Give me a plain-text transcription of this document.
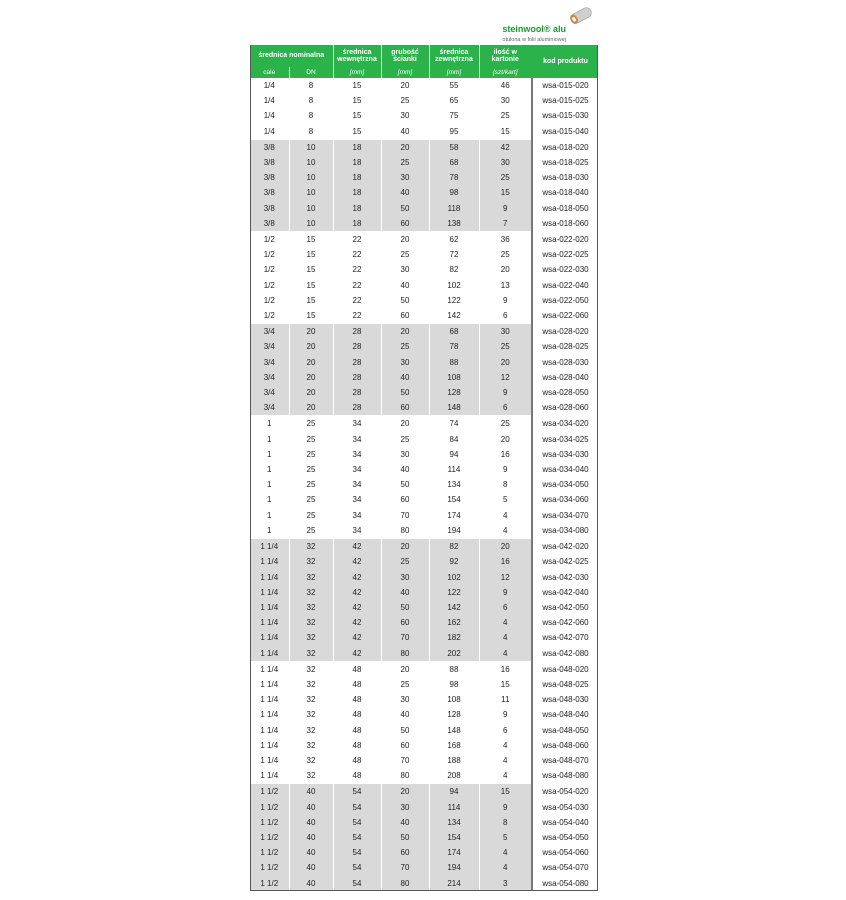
steinwool® alu
otulona w folii aluminiowej
średnica nominalna		średnica wewnętrzna	grubość ścianki	średnica zewnętrzna	ilość w kartonie	kod produktu
cale	DN	[mm]	[mm]	[mm]	[szt/kart]	
1/4	8	15	20	55	46	wsa-015-020
1/4	8	15	25	65	30	wsa-015-025
1/4	8	15	30	75	25	wsa-015-030
1/4	8	15	40	95	15	wsa-015-040
3/8	10	18	20	58	42	wsa-018-020
3/8	10	18	25	68	30	wsa-018-025
3/8	10	18	30	78	25	wsa-018-030
3/8	10	18	40	98	15	wsa-018-040
3/8	10	18	50	118	9	wsa-018-050
3/8	10	18	60	138	7	wsa-018-060
1/2	15	22	20	62	36	wsa-022-020
1/2	15	22	25	72	25	wsa-022-025
1/2	15	22	30	82	20	wsa-022-030
1/2	15	22	40	102	13	wsa-022-040
1/2	15	22	50	122	9	wsa-022-050
1/2	15	22	60	142	6	wsa-022-060
3/4	20	28	20	68	30	wsa-028-020
3/4	20	28	25	78	25	wsa-028-025
3/4	20	28	30	88	20	wsa-028-030
3/4	20	28	40	108	12	wsa-028-040
3/4	20	28	50	128	9	wsa-028-050
3/4	20	28	60	148	6	wsa-028-060
1	25	34	20	74	25	wsa-034-020
1	25	34	25	84	20	wsa-034-025
1	25	34	30	94	16	wsa-034-030
1	25	34	40	114	9	wsa-034-040
1	25	34	50	134	8	wsa-034-050
1	25	34	60	154	5	wsa-034-060
1	25	34	70	174	4	wsa-034-070
1	25	34	80	194	4	wsa-034-080
1 1/4	32	42	20	82	20	wsa-042-020
1 1/4	32	42	25	92	16	wsa-042-025
1 1/4	32	42	30	102	12	wsa-042-030
1 1/4	32	42	40	122	9	wsa-042-040
1 1/4	32	42	50	142	6	wsa-042-050
1 1/4	32	42	60	162	4	wsa-042-060
1 1/4	32	42	70	182	4	wsa-042-070
1 1/4	32	42	80	202	4	wsa-042-080
1 1/4	32	48	20	88	16	wsa-048-020
1 1/4	32	48	25	98	15	wsa-048-025
1 1/4	32	48	30	108	11	wsa-048-030
1 1/4	32	48	40	128	9	wsa-048-040
1 1/4	32	48	50	148	6	wsa-048-050
1 1/4	32	48	60	168	4	wsa-048-060
1 1/4	32	48	70	188	4	wsa-048-070
1 1/4	32	48	80	208	4	wsa-048-080
1 1/2	40	54	20	94	15	wsa-054-020
1 1/2	40	54	30	114	9	wsa-054-030
1 1/2	40	54	40	134	8	wsa-054-040
1 1/2	40	54	50	154	5	wsa-054-050
1 1/2	40	54	60	174	4	wsa-054-060
1 1/2	40	54	70	194	4	wsa-054-070
1 1/2	40	54	80	214	3	wsa-054-080
